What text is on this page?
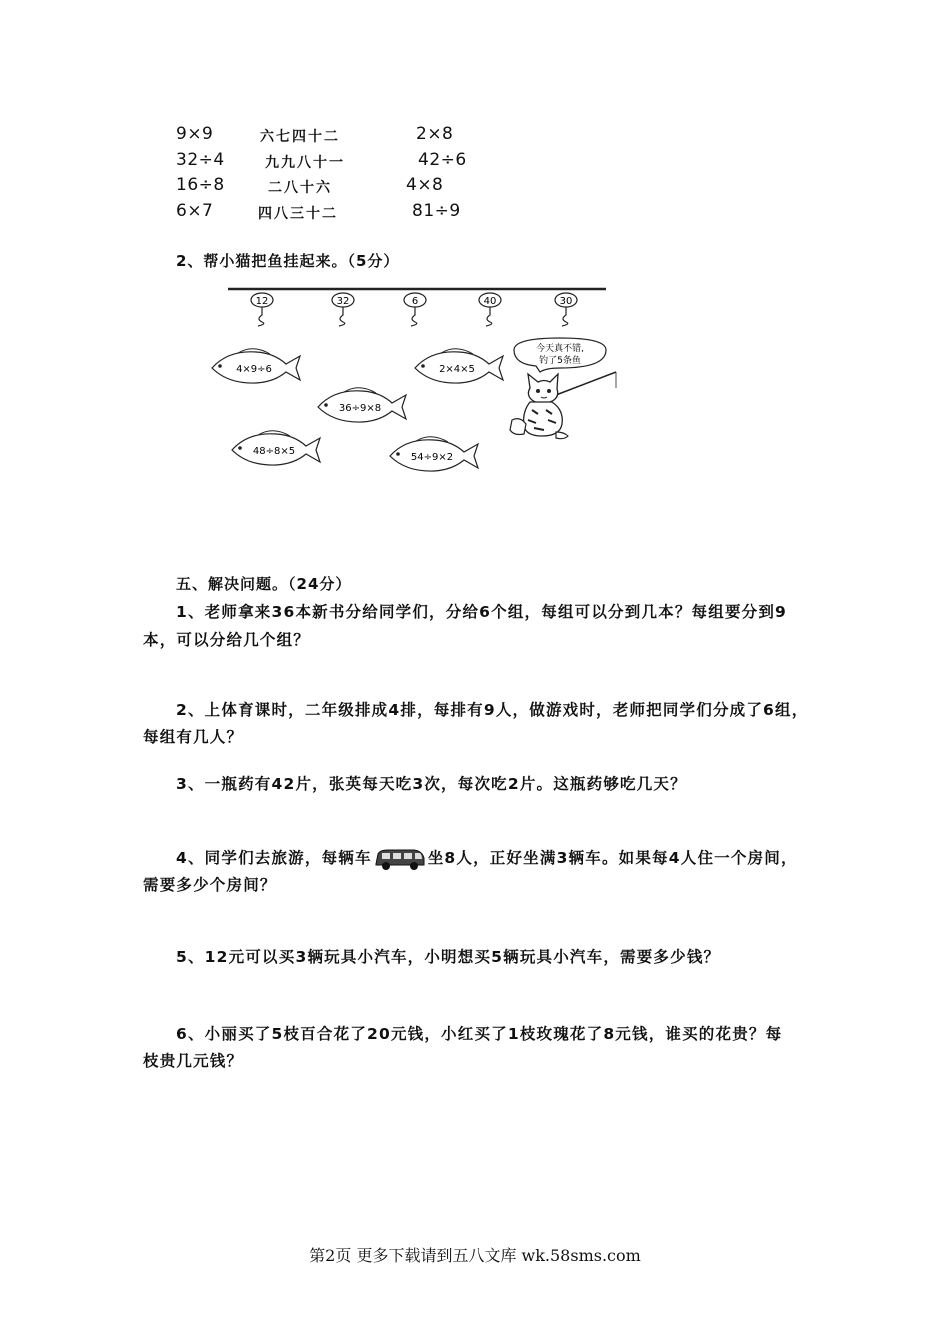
9×9	六七四十二	2×8
32÷4	九九八十一	42÷6
16÷8	二八十六	4×8
6×7	四八三十二	81÷9
2、帮小猫把鱼挂起来。（5分）
12	32	6	40	30
4×9÷6	2×4×5
36÷9×8
48÷8×5
54÷9×2
今天真不错,
钓了5条鱼
五、解决问题。（24分）
1、老师拿来36本新书分给同学们，分给6个组，每组可以分到几本？每组要分到9
本，可以分给几个组？
2、上体育课时，二年级排成4排，每排有9人，做游戏时，老师把同学们分成了6组，
每组有几人？
3、一瓶药有42片，张英每天吃3次，每次吃2片。这瓶药够吃几天？
4、同学们去旅游，每辆车	坐8人，正好坐满3辆车。如果每4人住一个房间，
需要多少个房间？
5、12元可以买3辆玩具小汽车，小明想买5辆玩具小汽车，需要多少钱？
6、小丽买了5枝百合花了20元钱，小红买了1枝玫瑰花了8元钱，谁买的花贵？每
枝贵几元钱？
第2页 更多下载请到五八文库 wk.58sms.com
